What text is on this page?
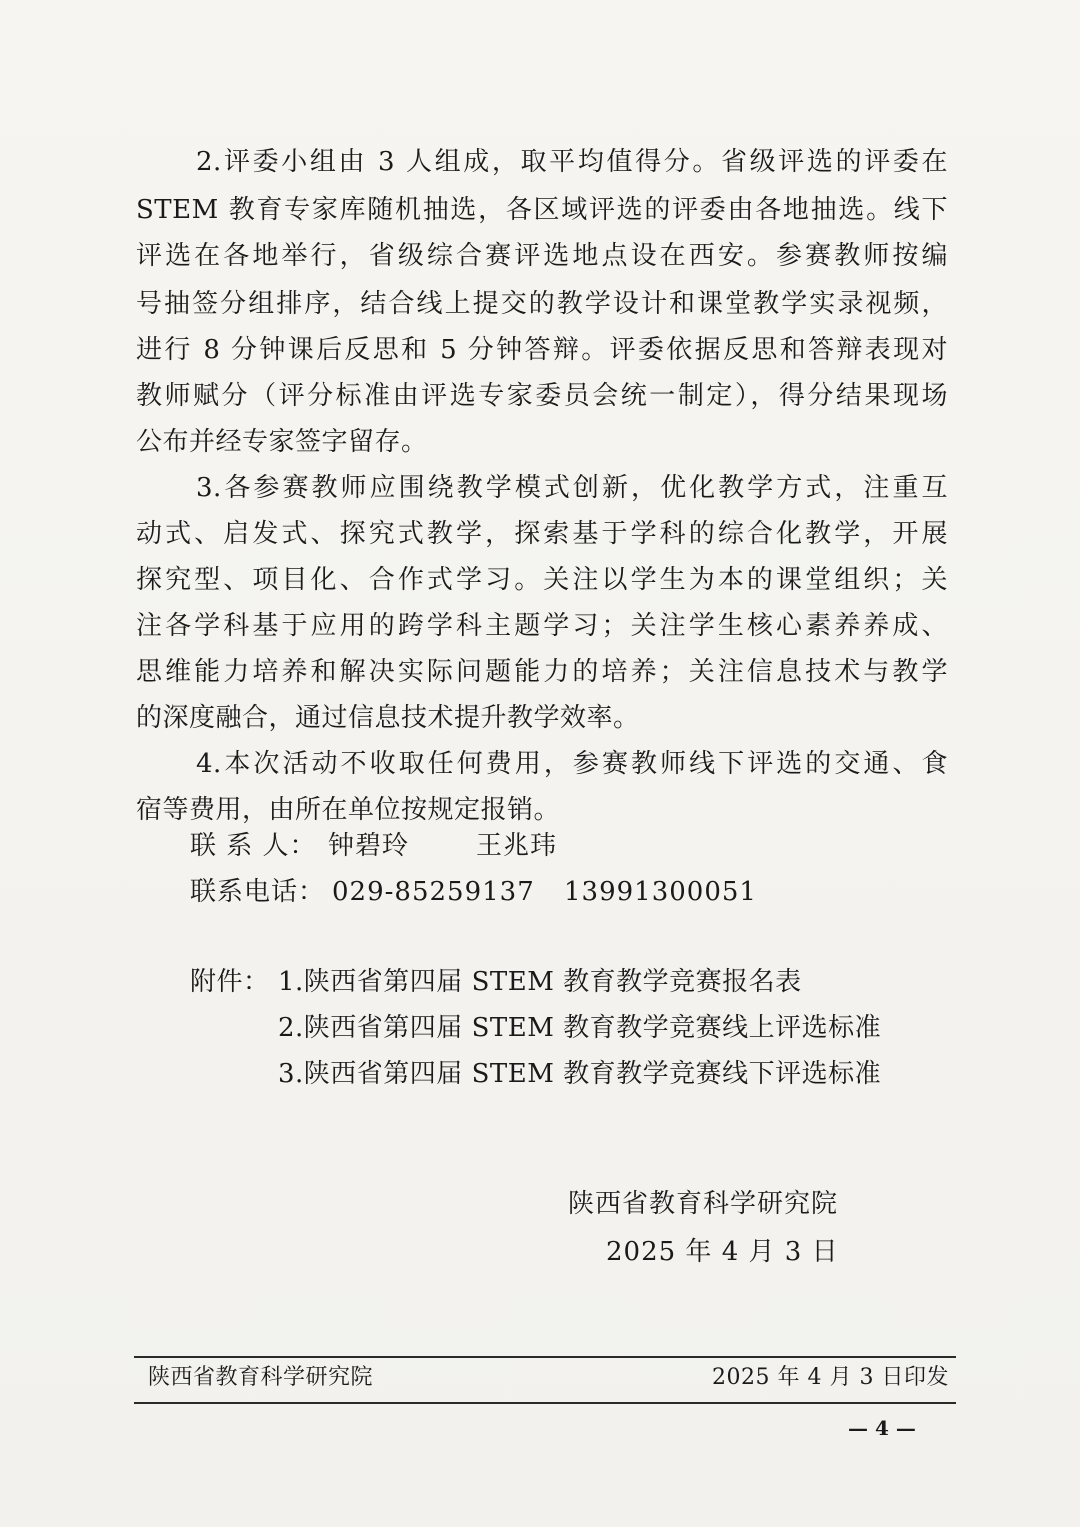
2.评委小组由 3 人组成，取平均值得分。省级评选的评委在
STEM 教育专家库随机抽选，各区域评选的评委由各地抽选。线下
评选在各地举行，省级综合赛评选地点设在西安。参赛教师按编
号抽签分组排序，结合线上提交的教学设计和课堂教学实录视频，
进行 8 分钟课后反思和 5 分钟答辩。评委依据反思和答辩表现对
教师赋分（评分标准由评选专家委员会统一制定），得分结果现场
公布并经专家签字留存。
3.各参赛教师应围绕教学模式创新，优化教学方式，注重互
动式、启发式、探究式教学，探索基于学科的综合化教学，开展
探究型、项目化、合作式学习。关注以学生为本的课堂组织；关
注各学科基于应用的跨学科主题学习；关注学生核心素养养成、
思维能力培养和解决实际问题能力的培养；关注信息技术与教学
的深度融合，通过信息技术提升教学效率。
4.本次活动不收取任何费用，参赛教师线下评选的交通、食
宿等费用，由所在单位按规定报销。
联 系 人： 钟碧玲	王兆玮
联系电话： 029-85259137 13991300051
附件： 1.陕西省第四届 STEM 教育教学竞赛报名表
2.陕西省第四届 STEM 教育教学竞赛线上评选标准
3.陕西省第四届 STEM 教育教学竞赛线下评选标准
陕西省教育科学研究院
2025 年 4 月 3 日
陕西省教育科学研究院	2025 年 4 月 3 日印发
— 4 —
